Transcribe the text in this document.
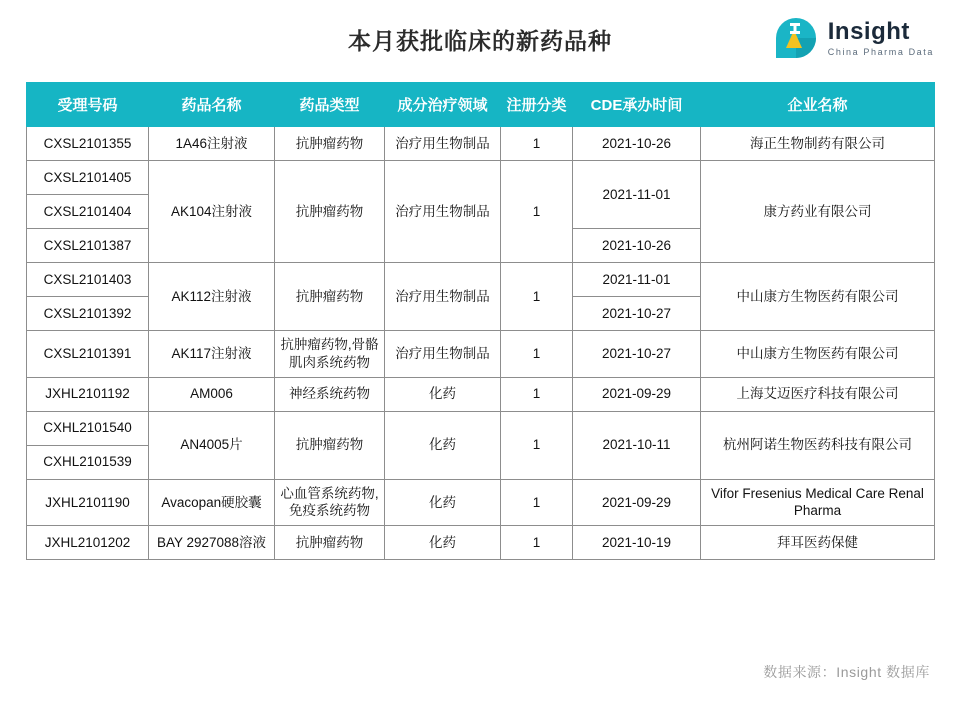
本月获批临床的新药品种	Insight
China Pharma Data
受理号码	药品名称	药品类型	成分治疗领域	注册分类	CDE承办时间	企业名称
CXSL2101355	1A46注射液	抗肿瘤药物	治疗用生物制品	1	2021-10-26	海正生物制药有限公司
CXSL2101405	AK104注射液	抗肿瘤药物	治疗用生物制品	1	2021-11-01	康方药业有限公司
CXSL2101404						
CXSL2101387					2021-10-26	
CXSL2101403	AK112注射液	抗肿瘤药物	治疗用生物制品	1	2021-11-01	中山康方生物医药有限公司
CXSL2101392					2021-10-27	
CXSL2101391	AK117注射液	抗肿瘤药物,骨骼肌肉系统药物	治疗用生物制品	1	2021-10-27	中山康方生物医药有限公司
JXHL2101192	AM006	神经系统药物	化药	1	2021-09-29	上海艾迈医疗科技有限公司
CXHL2101540	AN4005片	抗肿瘤药物	化药	1	2021-10-11	杭州阿诺生物医药科技有限公司
CXHL2101539						
JXHL2101190	Avacopan硬胶囊	心血管系统药物,免疫系统药物	化药	1	2021-09-29	Vifor Fresenius Medical Care Renal Pharma
JXHL2101202	BAY 2927088溶液	抗肿瘤药物	化药	1	2021-10-19	拜耳医药保健
数据来源：Insight 数据库
